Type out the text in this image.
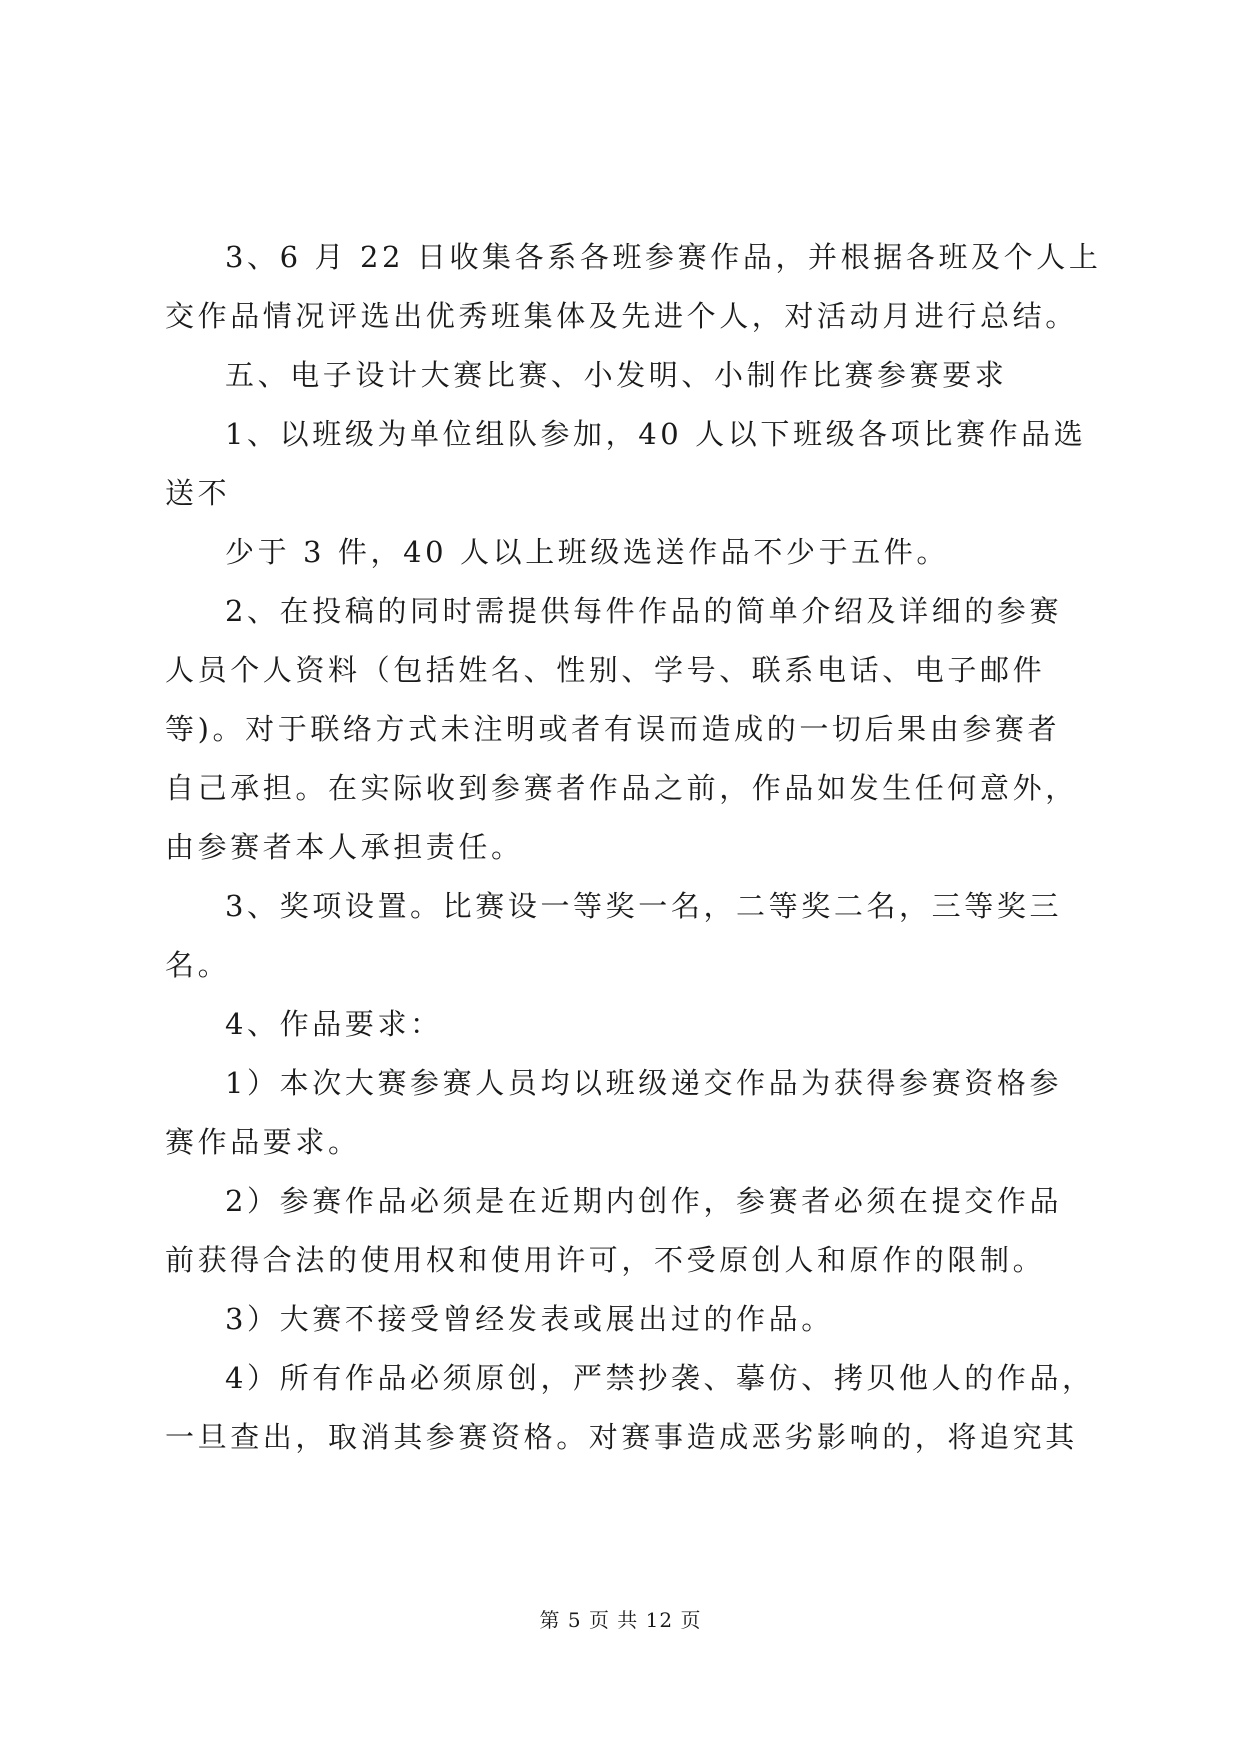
3、6 月 22 日收集各系各班参赛作品，并根据各班及个人上
交作品情况评选出优秀班集体及先进个人，对活动月进行总结。
五、电子设计大赛比赛、小发明、小制作比赛参赛要求
1、以班级为单位组队参加，40 人以下班级各项比赛作品选
送不
少于 3 件，40 人以上班级选送作品不少于五件。
2、在投稿的同时需提供每件作品的简单介绍及详细的参赛
人员个人资料（包括姓名、性别、学号、联系电话、电子邮件
等)。对于联络方式未注明或者有误而造成的一切后果由参赛者
自己承担。在实际收到参赛者作品之前，作品如发生任何意外，
由参赛者本人承担责任。
3、奖项设置。比赛设一等奖一名，二等奖二名，三等奖三
名。
4、作品要求：
1）本次大赛参赛人员均以班级递交作品为获得参赛资格参
赛作品要求。
2）参赛作品必须是在近期内创作，参赛者必须在提交作品
前获得合法的使用权和使用许可，不受原创人和原作的限制。
3）大赛不接受曾经发表或展出过的作品。
4）所有作品必须原创，严禁抄袭、摹仿、拷贝他人的作品，
一旦查出，取消其参赛资格。对赛事造成恶劣影响的，将追究其
第 5 页 共 12 页
